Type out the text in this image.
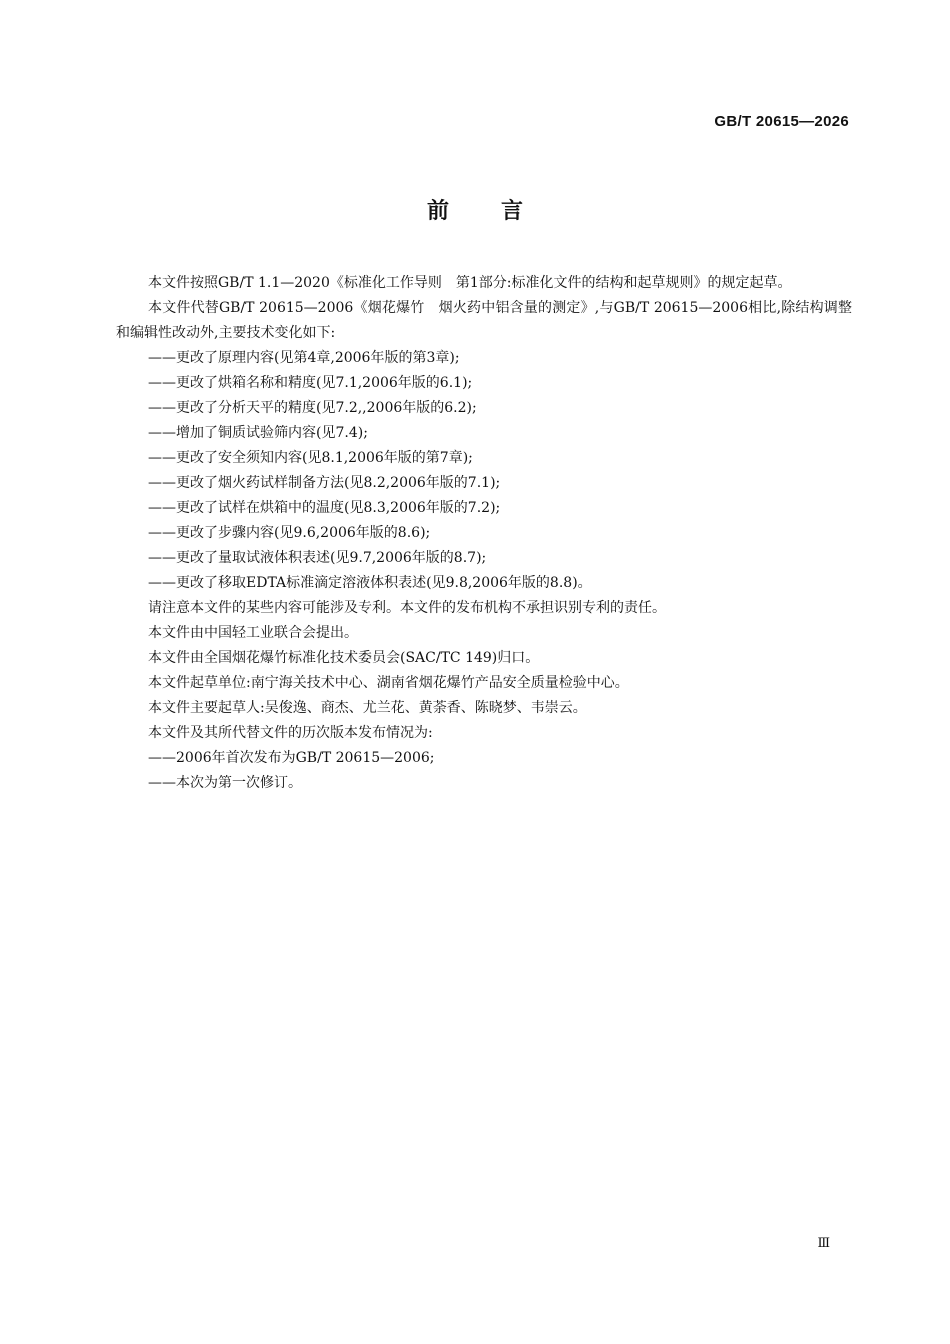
GB/T 20615—2026
前言

本文件按照GB/T 1.1—2020《标准化工作导则　第1部分:标准化文件的结构和起草规则》的规定起草。

本文件代替GB/T 20615—2006《烟花爆竹　烟火药中铝含量的测定》,与GB/T 20615—2006相比,除结构调整和编辑性改动外,主要技术变化如下:

——更改了原理内容(见第4章,2006年版的第3章);

——更改了烘箱名称和精度(见7.1,2006年版的6.1);

——更改了分析天平的精度(见7.2,,2006年版的6.2);

——增加了铜质试验筛内容(见7.4);

——更改了安全须知内容(见8.1,2006年版的第7章);

——更改了烟火药试样制备方法(见8.2,2006年版的7.1);

——更改了试样在烘箱中的温度(见8.3,2006年版的7.2);

——更改了步骤内容(见9.6,2006年版的8.6);

——更改了量取试液体积表述(见9.7,2006年版的8.7);

——更改了移取EDTA标准滴定溶液体积表述(见9.8,2006年版的8.8)。

请注意本文件的某些内容可能涉及专利。本文件的发布机构不承担识别专利的责任。

本文件由中国轻工业联合会提出。

本文件由全国烟花爆竹标准化技术委员会(SAC/TC 149)归口。

本文件起草单位:南宁海关技术中心、湖南省烟花爆竹产品安全质量检验中心。

本文件主要起草人:吴俊逸、商杰、尤兰花、黄荼香、陈晓梦、韦崇云。

本文件及其所代替文件的历次版本发布情况为:

——2006年首次发布为GB/T 20615—2006;

——本次为第一次修订。

Ⅲ
